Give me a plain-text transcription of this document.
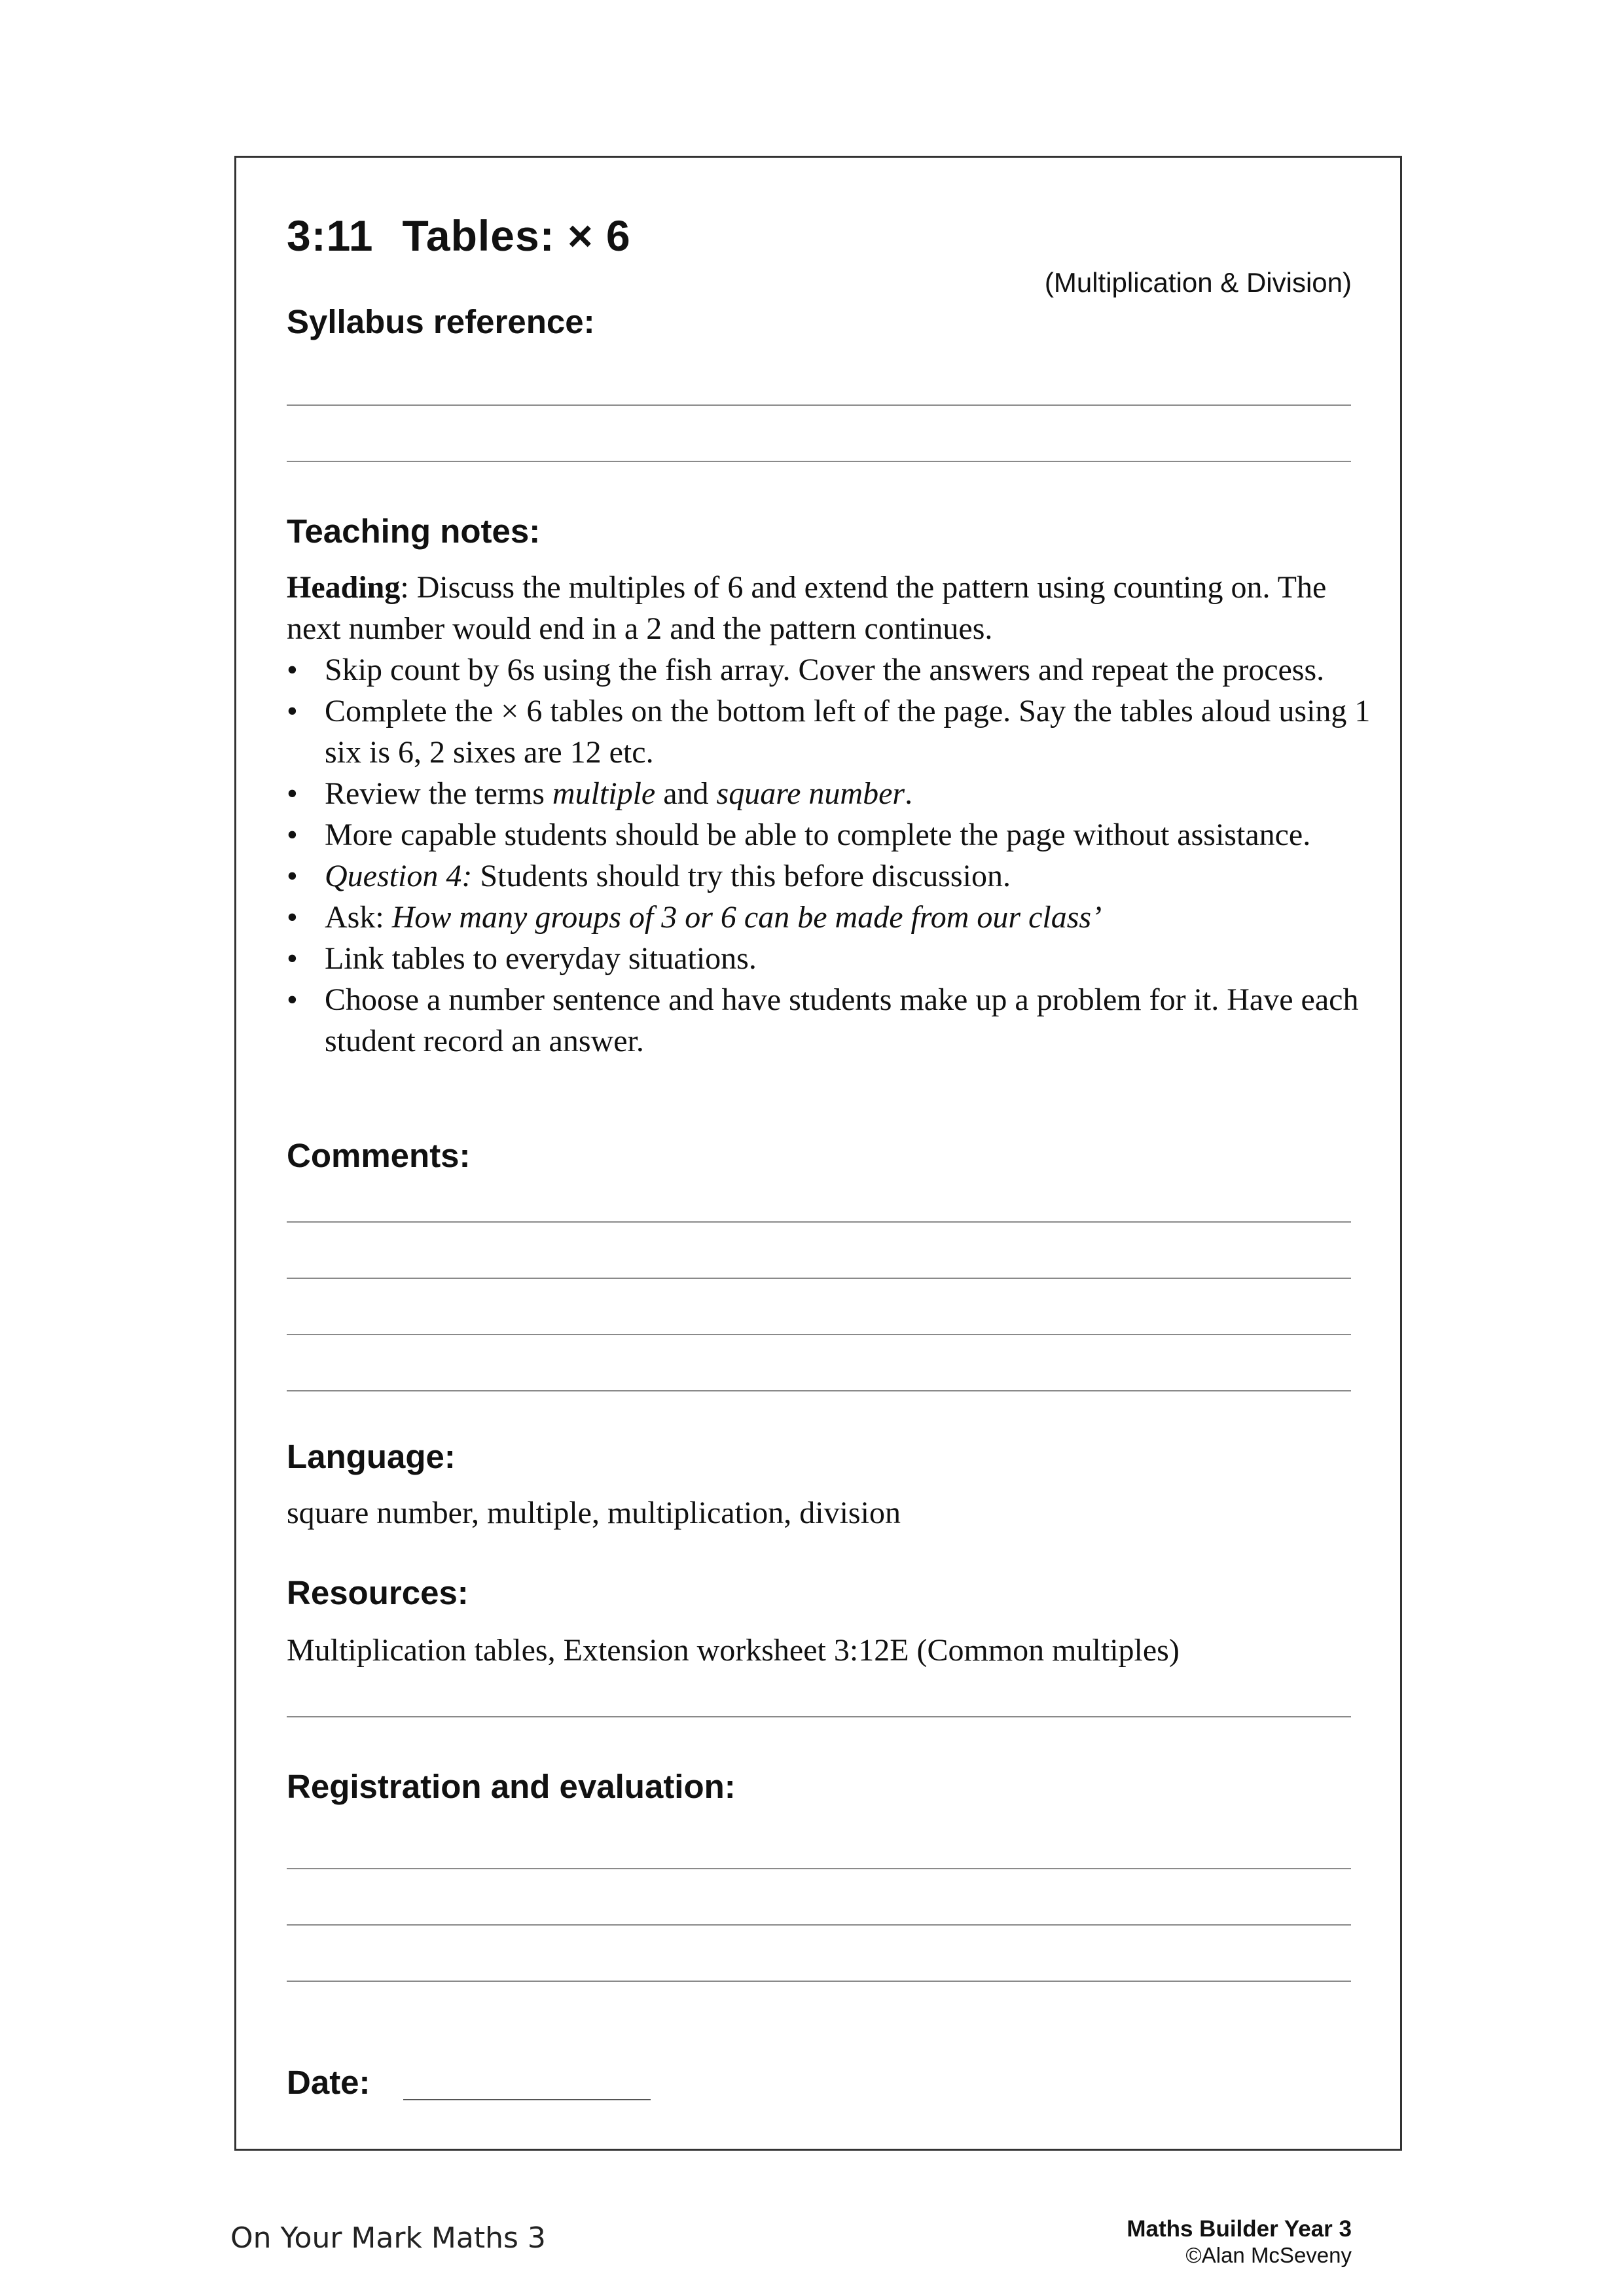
3:11 Tables: × 6
(Multiplication & Division)
Syllabus reference:
Teaching notes:

Heading: Discuss the multiples of 6 and extend the pattern using counting on. The next number would end in a 2 and the pattern continues.

• Skip count by 6s using the fish array. Cover the answers and repeat the process.
• Complete the × 6 tables on the bottom left of the page. Say the tables aloud using 1 six is 6, 2 sixes are 12 etc.
• Review the terms multiple and square number.
• More capable students should be able to complete the page without assistance.
• Question 4: Students should try this before discussion.
• Ask: How many groups of 3 or 6 can be made from our class’
• Link tables to everyday situations.
• Choose a number sentence and have students make up a problem for it. Have each student record an answer.
Comments:
Language:
square number, multiple, multiplication, division
Resources:
Multiplication tables, Extension worksheet 3:12E (Common multiples)
Registration and evaluation:
Date:
On Your Mark Maths 3	Maths Builder Year 3
©Alan McSeveny
